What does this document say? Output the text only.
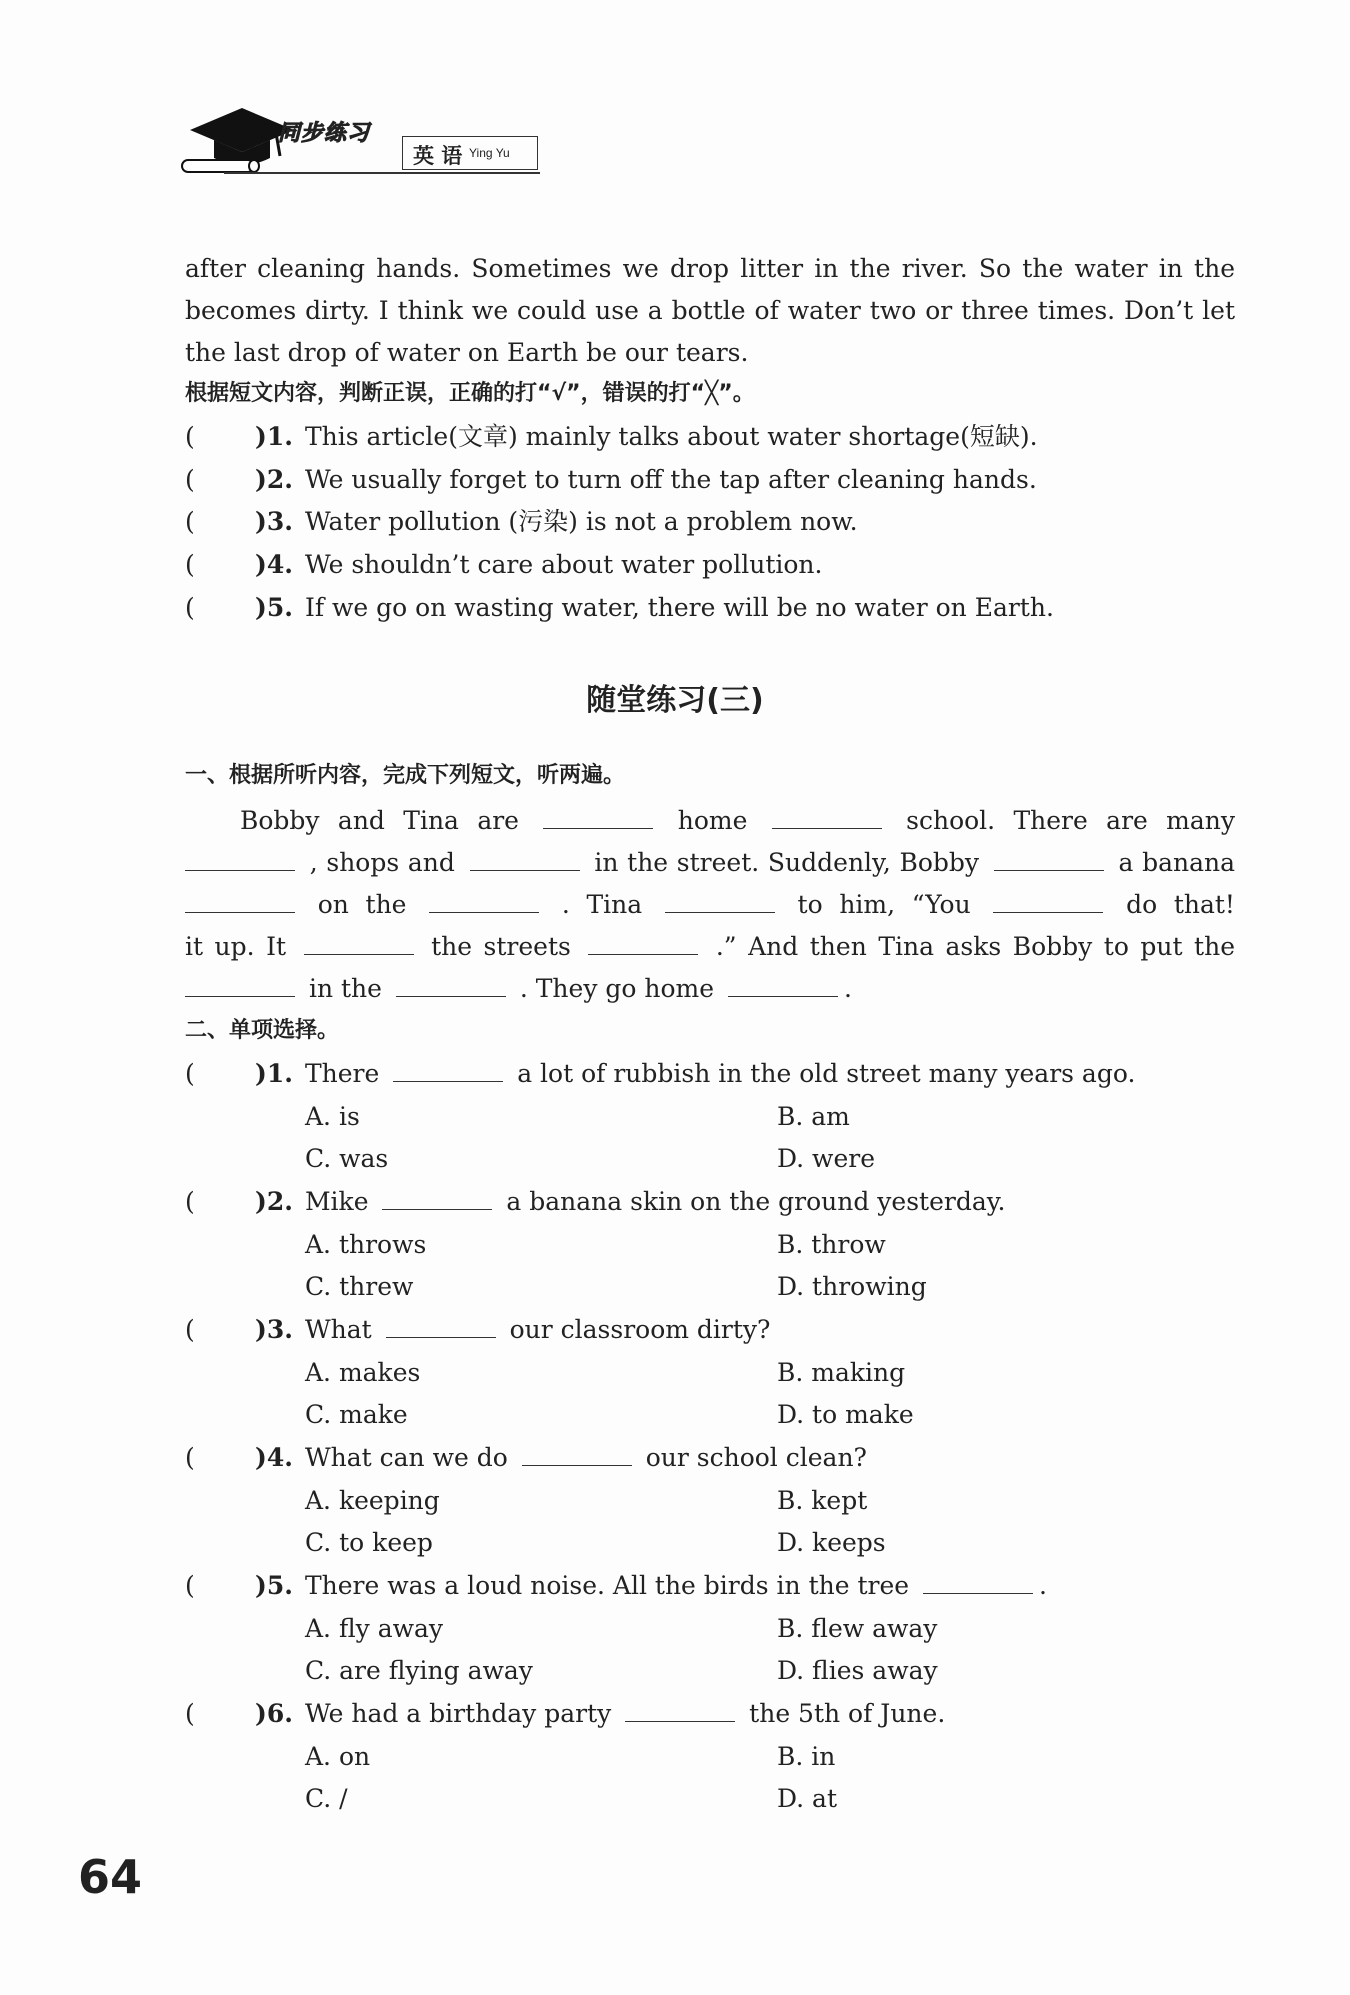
同步练习
英 语 Ying Yu
after cleaning hands. Sometimes we drop litter in the river. So the water in the
becomes dirty. I think we could use a bottle of water two or three times. Don’t let
the last drop of water on Earth be our tears.
根据短文内容，判断正误，正确的打“√”，错误的打“╳”。
( )1. This article(文章) mainly talks about water shortage(短缺).
( )2. We usually forget to turn off the tap after cleaning hands.
( )3. Water pollution (污染) is not a problem now.
( )4. We shouldn’t care about water pollution.
( )5. If we go on wasting water, there will be no water on Earth.
随堂练习(三)
一、根据所听内容，完成下列短文，听两遍。
Bobby and Tina are	home	school. There are many
, shops and	in the street. Suddenly, Bobby	a banana
on the	. Tina	to him, “You	do that!
it up. It	the streets	.” And then Tina asks Bobby to put the
in the	. They go home	.
二、单项选择。
( )1. There	a lot of rubbish in the old street many years ago.
A. is	B. am
C. was	D. were
( )2. Mike	a banana skin on the ground yesterday.
A. throws	B. throw
C. threw	D. throwing
( )3. What	our classroom dirty?
A. makes	B. making
C. make	D. to make
( )4. What can we do	our school clean?
A. keeping	B. kept
C. to keep	D. keeps
( )5. There was a loud noise. All the birds in the tree	.
A. fly away	B. flew away
C. are flying away	D. flies away
( )6. We had a birthday party	the 5th of June.
A. on	B. in
C. /	D. at
64
